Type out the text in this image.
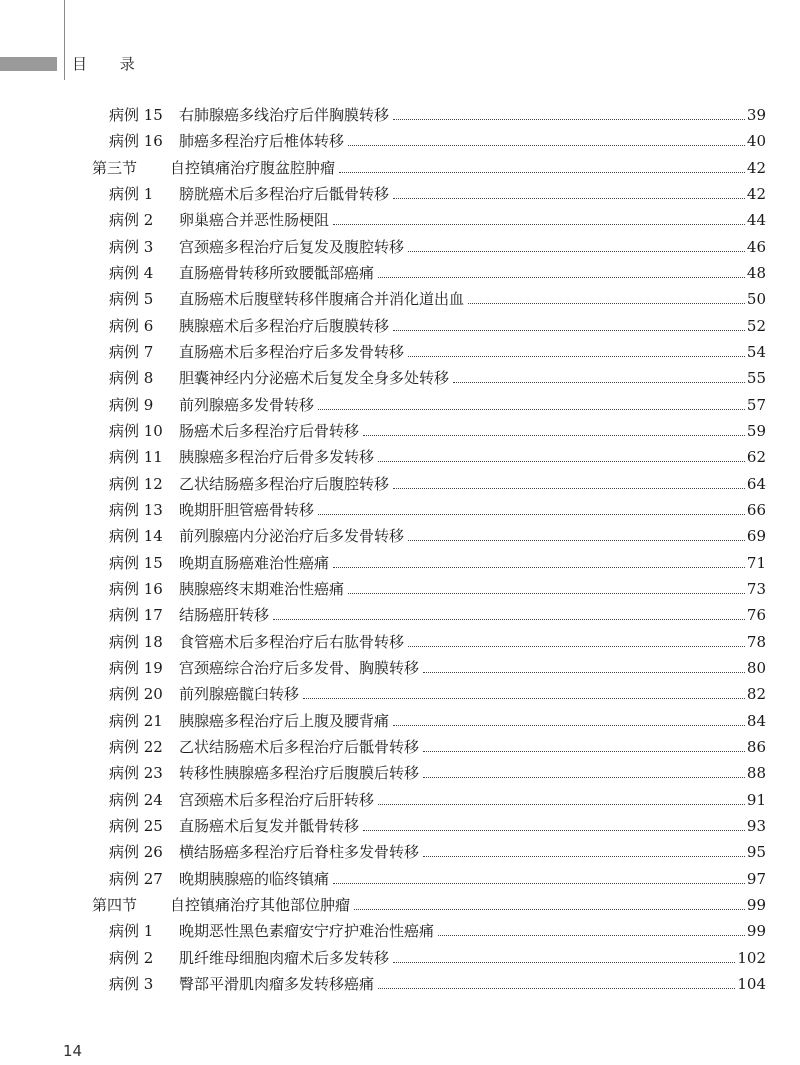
目 录
病例 15	右肺腺癌多线治疗后伴胸膜转移	39
病例 16	肺癌多程治疗后椎体转移	40
第三节	自控镇痛治疗腹盆腔肿瘤	42
病例 1	膀胱癌术后多程治疗后骶骨转移	42
病例 2	卵巢癌合并恶性肠梗阻	44
病例 3	宫颈癌多程治疗后复发及腹腔转移	46
病例 4	直肠癌骨转移所致腰骶部癌痛	48
病例 5	直肠癌术后腹壁转移伴腹痛合并消化道出血	50
病例 6	胰腺癌术后多程治疗后腹膜转移	52
病例 7	直肠癌术后多程治疗后多发骨转移	54
病例 8	胆囊神经内分泌癌术后复发全身多处转移	55
病例 9	前列腺癌多发骨转移	57
病例 10	肠癌术后多程治疗后骨转移	59
病例 11	胰腺癌多程治疗后骨多发转移	62
病例 12	乙状结肠癌多程治疗后腹腔转移	64
病例 13	晚期肝胆管癌骨转移	66
病例 14	前列腺癌内分泌治疗后多发骨转移	69
病例 15	晚期直肠癌难治性癌痛	71
病例 16	胰腺癌终末期难治性癌痛	73
病例 17	结肠癌肝转移	76
病例 18	食管癌术后多程治疗后右肱骨转移	78
病例 19	宫颈癌综合治疗后多发骨、胸膜转移	80
病例 20	前列腺癌髋臼转移	82
病例 21	胰腺癌多程治疗后上腹及腰背痛	84
病例 22	乙状结肠癌术后多程治疗后骶骨转移	86
病例 23	转移性胰腺癌多程治疗后腹膜后转移	88
病例 24	宫颈癌术后多程治疗后肝转移	91
病例 25	直肠癌术后复发并骶骨转移	93
病例 26	横结肠癌多程治疗后脊柱多发骨转移	95
病例 27	晚期胰腺癌的临终镇痛	97
第四节	自控镇痛治疗其他部位肿瘤	99
病例 1	晚期恶性黑色素瘤安宁疗护难治性癌痛	99
病例 2	肌纤维母细胞肉瘤术后多发转移	102
病例 3	臀部平滑肌肉瘤多发转移癌痛	104
14
